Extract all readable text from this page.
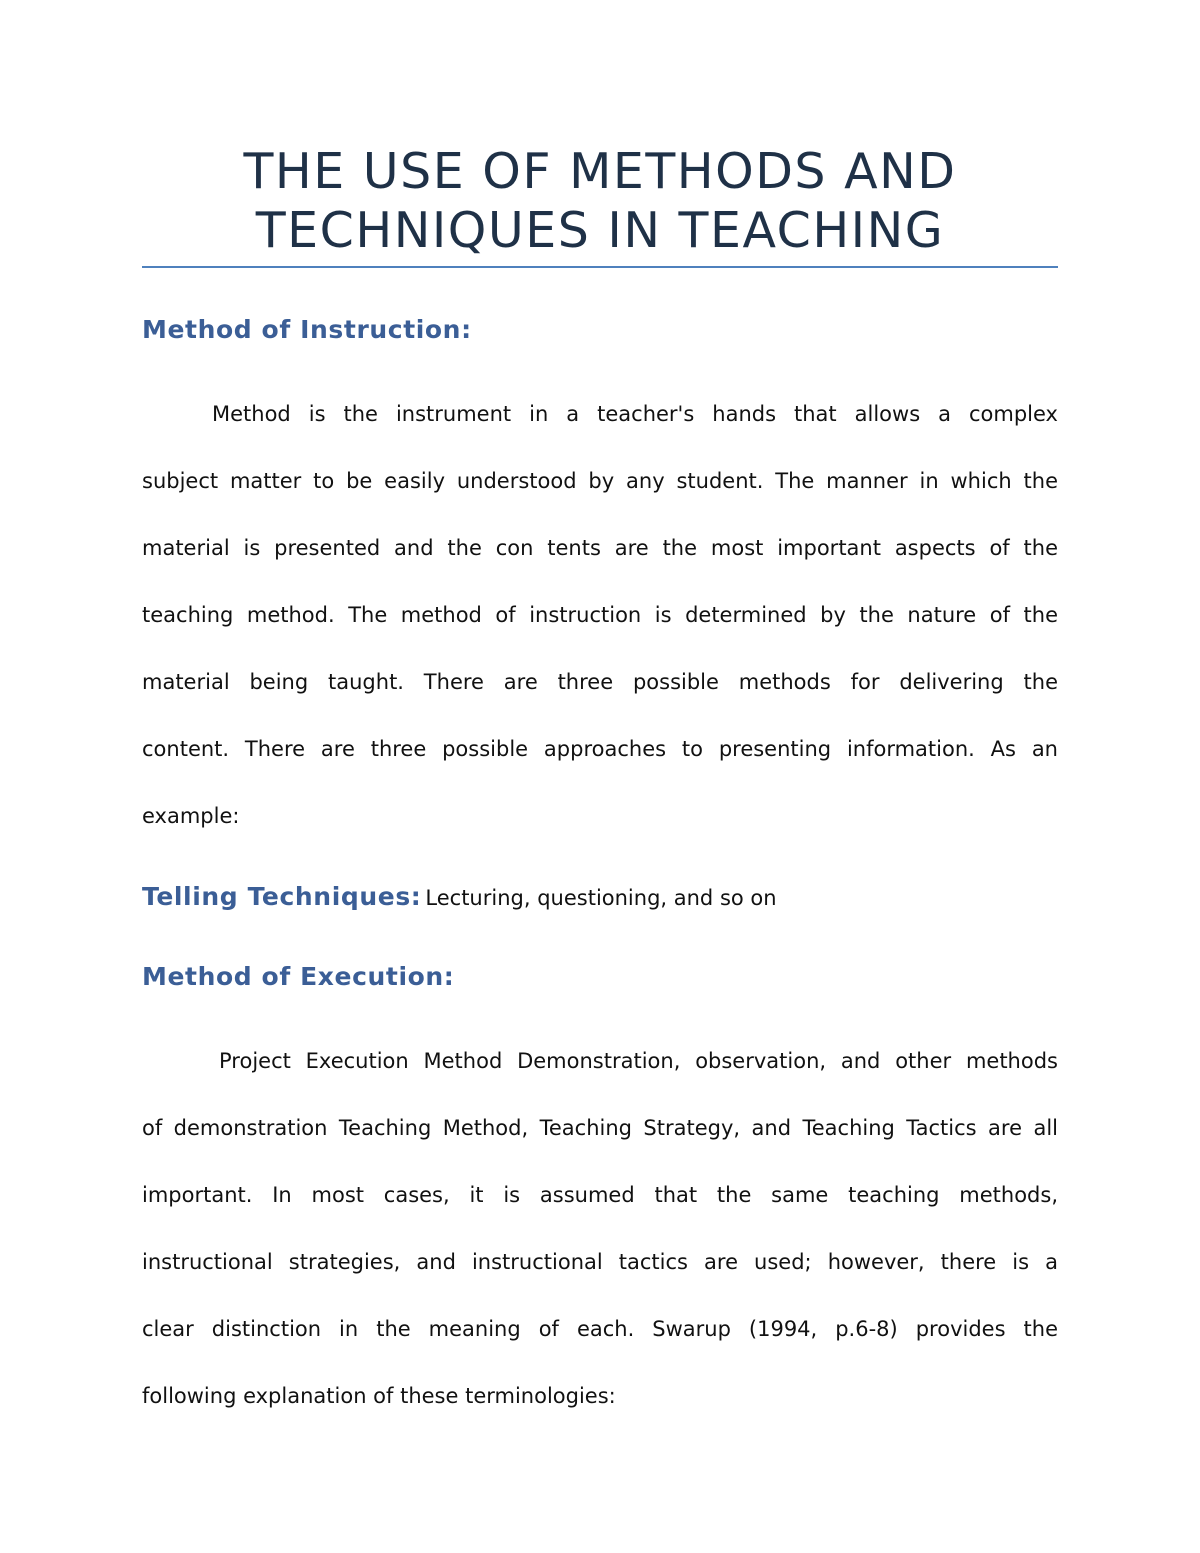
THE USE OF METHODS AND
TECHNIQUES IN TEACHING
Method of Instruction:
Method is the instrument in a teacher's hands that allows a complex
subject matter to be easily understood by any student. The manner in which the
material is presented and the con tents are the most important aspects of the
teaching method. The method of instruction is determined by the nature of the
material being taught. There are three possible methods for delivering the
content. There are three possible approaches to presenting information. As an
example:
Telling Techniques: Lecturing, questioning, and so on
Method of Execution:
Project Execution Method Demonstration, observation, and other methods
of demonstration Teaching Method, Teaching Strategy, and Teaching Tactics are all
important. In most cases, it is assumed that the same teaching methods,
instructional strategies, and instructional tactics are used; however, there is a
clear distinction in the meaning of each. Swarup (1994, p.6-8) provides the
following explanation of these terminologies:
